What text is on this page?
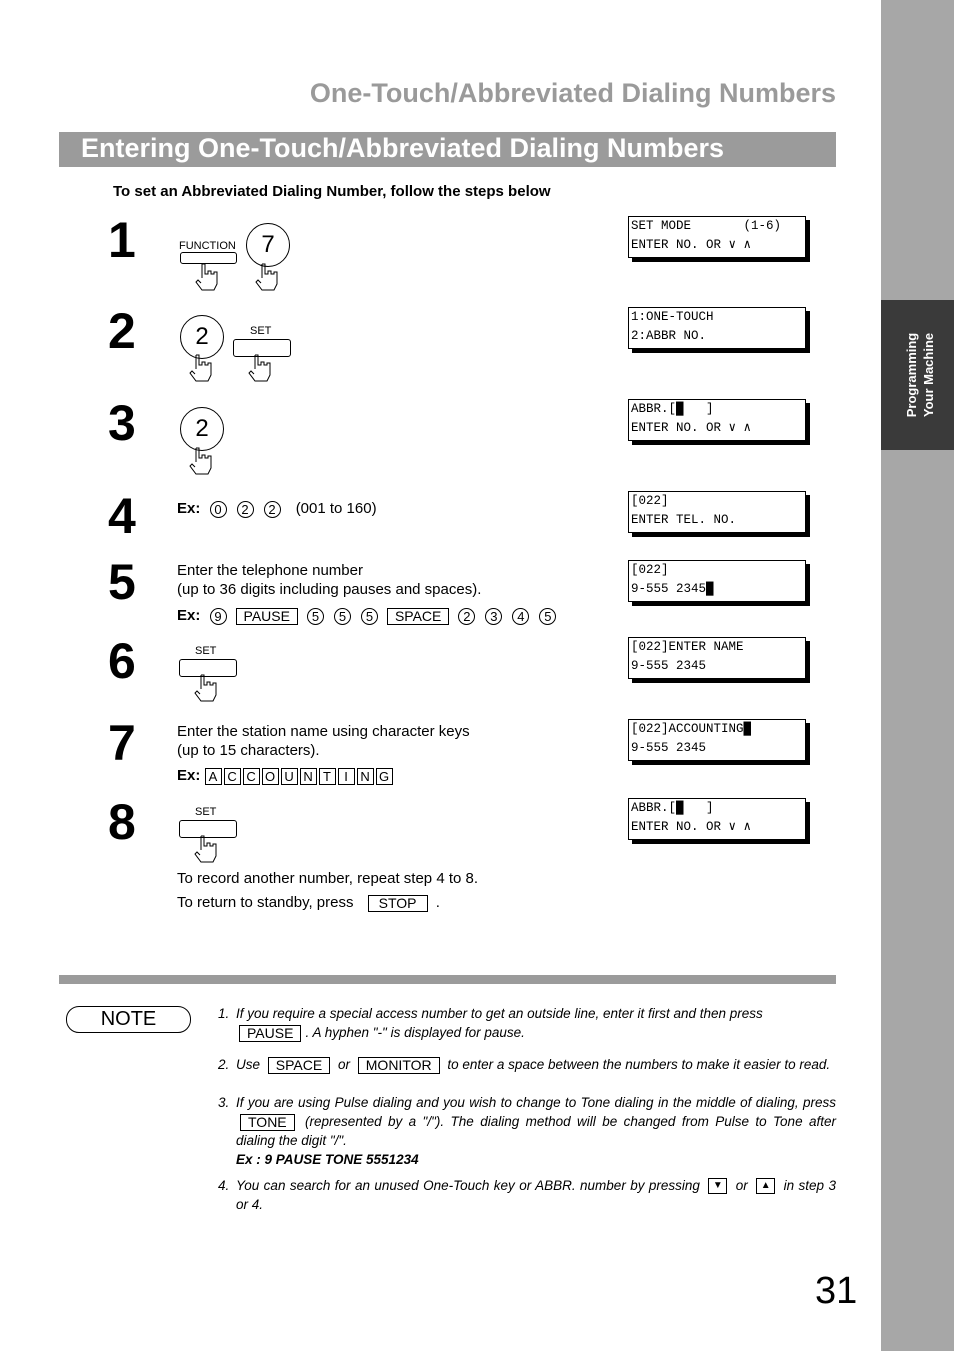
Programming Your Machine
One-Touch/Abbreviated Dialing Numbers
Entering One-Touch/Abbreviated Dialing Numbers
To set an Abbreviated Dialing Number, follow the steps below
1
2
3
4
5
6
7
8
FUNCTION	7
2	SET
2
Ex: 0 2 2 (001 to 160)
Enter the telephone number
(up to 36 digits including pauses and spaces).
Ex: 9 PAUSE 5 5 5 SPACE 2 3 4 5
SET
Enter the station name using character keys
(up to 15 characters).
Ex: A C C O U N T I N G
SET
To record another number, repeat step 4 to 8.
To return to standby, press STOP .
SET MODE       (1-6)
ENTER NO. OR ∨ ∧
1:ONE-TOUCH
2:ABBR NO.
ABBR.[█   ]
ENTER NO. OR ∨ ∧
[022]
ENTER TEL. NO.
[022]
9-555 2345█
[022]ENTER NAME
9-555 2345
[022]ACCOUNTING█
9-555 2345
ABBR.[█   ]
ENTER NO. OR ∨ ∧
NOTE	1. If you require a special access number to get an outside line, enter it first and then press
PAUSE . A hyphen "-" is displayed for pause.
2. Use SPACE or MONITOR to enter a space between the numbers to make it easier to read.
3. If you are using Pulse dialing and you wish to change to Tone dialing in the middle of dialing, press TONE (represented by a "/"). The dialing method will be changed from Pulse to Tone after dialing the digit "/".
Ex : 9 PAUSE TONE 5551234
4. You can search for an unused One-Touch key or ABBR. number by pressing ▼ or ▲ in step 3 or 4.
31
